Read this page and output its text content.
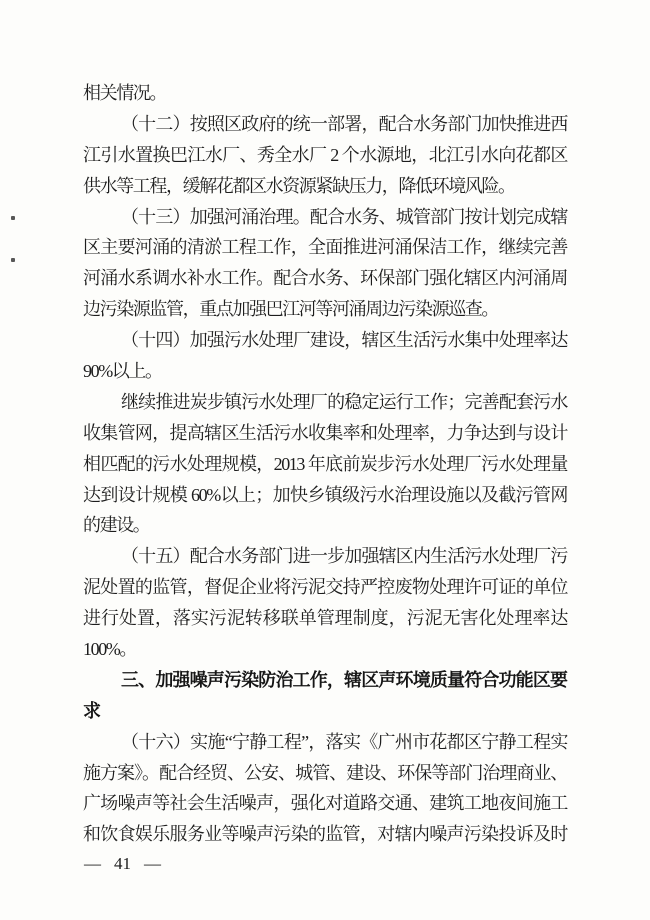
相关情况。
（十二）按照区政府的统一部署，配合水务部门加快推进西
江引水置换巴江水厂、秀全水厂 2 个水源地，北江引水向花都区
供水等工程，缓解花都区水资源紧缺压力，降低环境风险。
（十三）加强河涌治理。配合水务、城管部门按计划完成辖
区主要河涌的清淤工程工作，全面推进河涌保洁工作，继续完善
河涌水系调水补水工作。配合水务、环保部门强化辖区内河涌周
边污染源监管，重点加强巴江河等河涌周边污染源巡查。
（十四）加强污水处理厂建设，辖区生活污水集中处理率达
90%以上。
继续推进炭步镇污水处理厂的稳定运行工作；完善配套污水
收集管网，提高辖区生活污水收集率和处理率，力争达到与设计
相匹配的污水处理规模，2013 年底前炭步污水处理厂污水处理量
达到设计规模 60%以上；加快乡镇级污水治理设施以及截污管网
的建设。
（十五）配合水务部门进一步加强辖区内生活污水处理厂污
泥处置的监管，督促企业将污泥交持严控废物处理许可证的单位
进行处置，落实污泥转移联单管理制度，污泥无害化处理率达
100%。
三、加强噪声污染防治工作，辖区声环境质量符合功能区要
求
（十六）实施“宁静工程”，落实《广州市花都区宁静工程实
施方案》。配合经贸、公安、城管、建设、环保等部门治理商业、
广场噪声等社会生活噪声，强化对道路交通、建筑工地夜间施工
和饮食娱乐服务业等噪声污染的监管，对辖内噪声污染投诉及时
— 41 —
